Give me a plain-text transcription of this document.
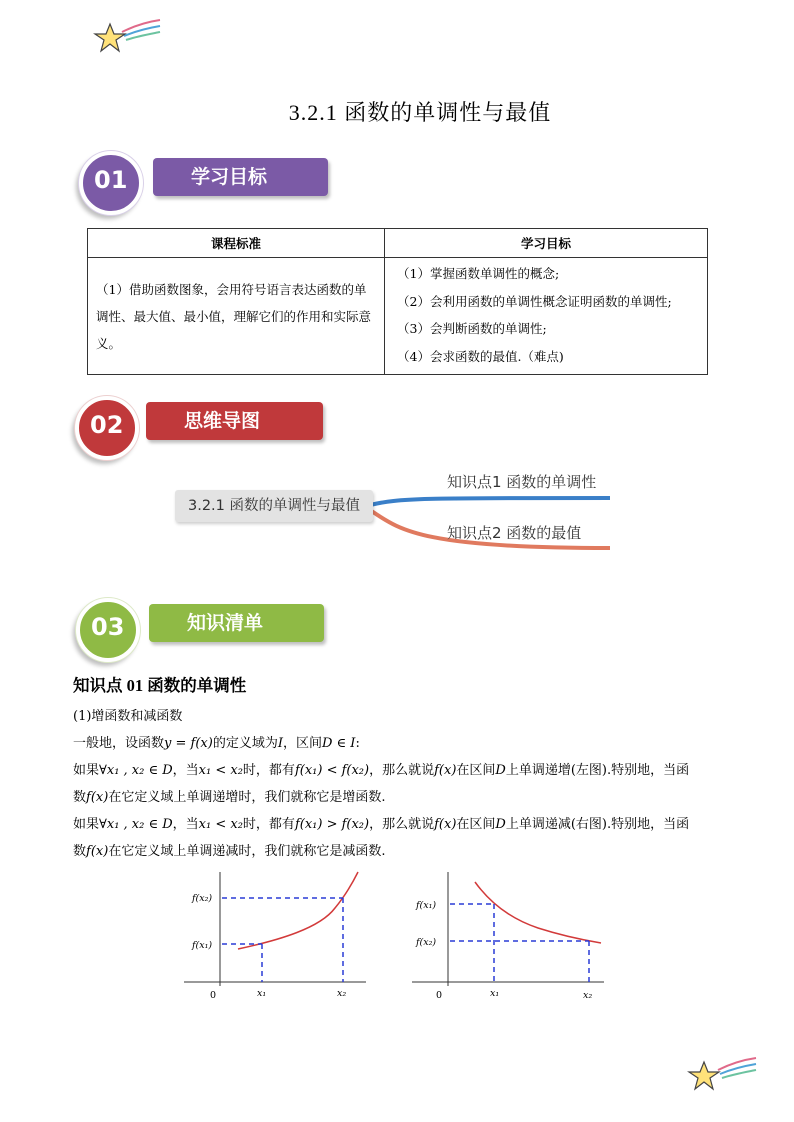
3.2.1 函数的单调性与最值
学习目标
01
课程标准	学习目标
（1）借助函数图象，会用符号语言表达函数的单调性、最大值、最小值，理解它们的作用和实际意义。	（1）掌握函数单调性的概念;
（2）会利用函数的单调性概念证明函数的单调性;
（3）会判断函数的单调性;
（4）会求函数的最值.（难点)
思维导图
02
3.2.1 函数的单调性与最值
知识点1 函数的单调性
知识点2 函数的最值
知识清单
03
知识点 01 函数的单调性
(1)增函数和减函数
一般地，设函数y = f(x)的定义域为I，区间D ∈ I:
如果∀x₁ , x₂ ∈ D，当x₁ < x₂时，都有f(x₁) < f(x₂)，那么就说f(x)在区间D上单调递增(左图).特别地，当函
数f(x)在它定义域上单调递增时，我们就称它是增函数.
如果∀x₁ , x₂ ∈ D，当x₁ < x₂时，都有f(x₁) > f(x₂)，那么就说f(x)在区间D上单调递减(右图).特别地，当函
数f(x)在它定义域上单调递减时，我们就称它是减函数.
f(x₂)
f(x₁)
0	x₁	x₂
f(x₁)
f(x₂)
0	x₁	x₂
